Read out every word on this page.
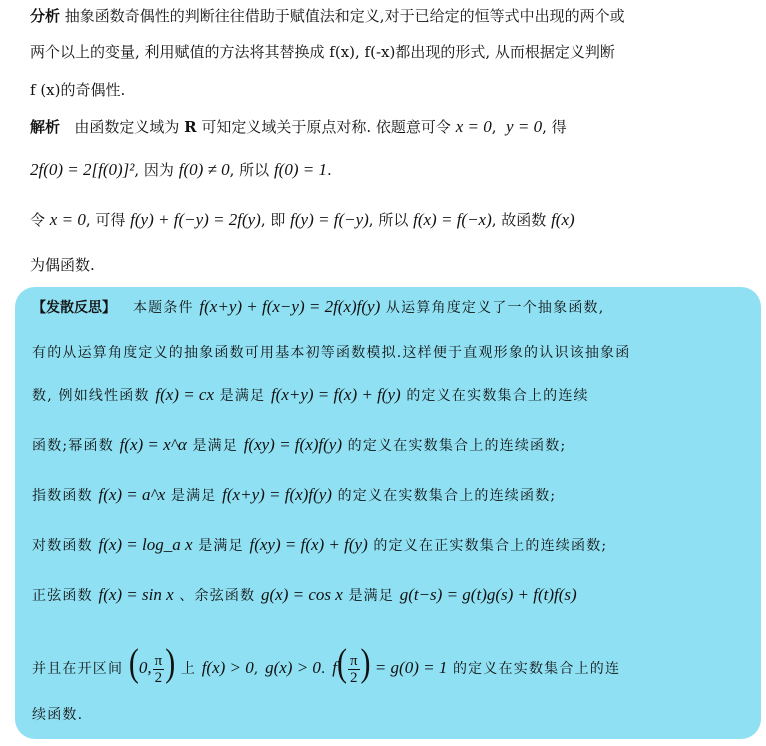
分析 抽象函数奇偶性的判断往往借助于赋值法和定义,对于已给定的恒等式中出现的两个或
两个以上的变量, 利用赋值的方法将其替换成 f(x), f(-x)都出现的形式, 从而根据定义判断
f (x)的奇偶性.
解析 由函数定义域为 R 可知定义域关于原点对称. 依题意可令 x = 0,  y = 0, 得
2f(0) = 2[f(0)]², 因为 f(0) ≠ 0, 所以 f(0) = 1.
令 x = 0, 可得 f(y) + f(−y) = 2f(y), 即 f(y) = f(−y), 所以 f(x) = f(−x), 故函数 f(x)
为偶函数.
【发散反思】 本题条件 f(x+y) + f(x−y) = 2f(x)f(y) 从运算角度定义了一个抽象函数,
有的从运算角度定义的抽象函数可用基本初等函数模拟.这样便于直观形象的认识该抽象函
数, 例如线性函数 f(x) = cx 是满足 f(x+y) = f(x) + f(y) 的定义在实数集合上的连续
函数;幂函数 f(x) = x^α 是满足 f(xy) = f(x)f(y) 的定义在实数集合上的连续函数;
指数函数 f(x) = a^x 是满足 f(x+y) = f(x)f(y) 的定义在实数集合上的连续函数;
对数函数 f(x) = log_a x 是满足 f(xy) = f(x) + f(y) 的定义在正实数集合上的连续函数;
正弦函数 f(x) = sin x 、余弦函数 g(x) = cos x 是满足 g(t−s) = g(t)g(s) + f(t)f(s)
并且在开区间 (0, $\frac{\pi}{2}$ ) 上 f(x) > 0, g(x) > 0. $f( \frac{\pi}{2}$ ) = g(0) = 1 的定义在实数集合上的连
续函数.
